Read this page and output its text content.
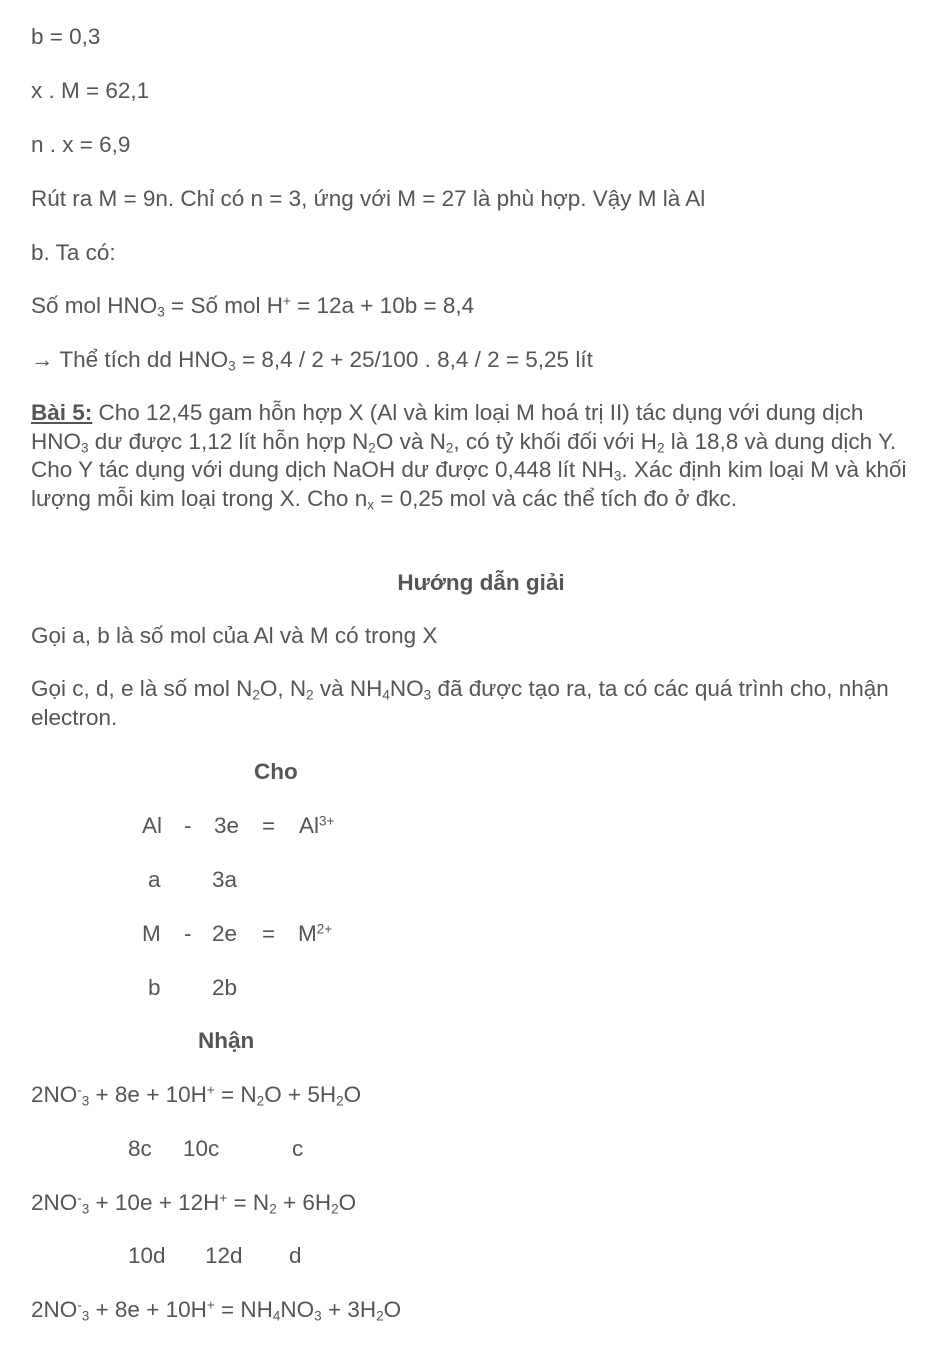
b = 0,3
x . M = 62,1
n . x = 6,9
Rút ra M = 9n. Chỉ có n = 3, ứng với M = 27 là phù hợp. Vậy M là Al
b. Ta có:
Số mol $HNO_3$ = Số mol H+ = 12a + 10b = 8,4
→ Thể tích dd $HNO_3 = 8,4 / 2 + 25/100$ . 8,4 / 2 = 5,25 lít
Bài 5: Cho 12,45 gam hỗn hợp X (Al và kim loại M hoá trị II) tác dụng với dung dịch $HNO_3$ dư được 1,12 lít hỗn hợp $N_2O$ và $N_2$, có tỷ khối đối với $H_2$ là 18,8 và dung dịch Y. Cho Y tác dụng với dung dịch NaOH dư được 0,448 lít $NH_3$. Xác định kim loại M và khối lượng mỗi kim loại trong X. Cho $n_x = 0,25$ mol và các thể tích đo ở đkc.
Hướng dẫn giải
Gọi a, b là số mol của Al và M có trong X
Gọi c, d, e là số mol $N_2O$, $N_2$ và $NH_4NO_3$ đã được tạo ra, ta có các quá trình cho, nhận electron.
Cho
$Al - 3e = Al^{3+}$
a 3a
$M - 2e = M^{2+}$
b 2b
Nhận
$2NO^-_3 + 8e + 10H^+ = N_2O + 5H_2O$
8c 10c	c
$2NO^-_3 + 10e + 12H^+ = N_2 + 6H_2O$
10d 12d d
$2NO^-_3 + 8e + 10H^+ = NH_4NO_3 + 3H_2O$
